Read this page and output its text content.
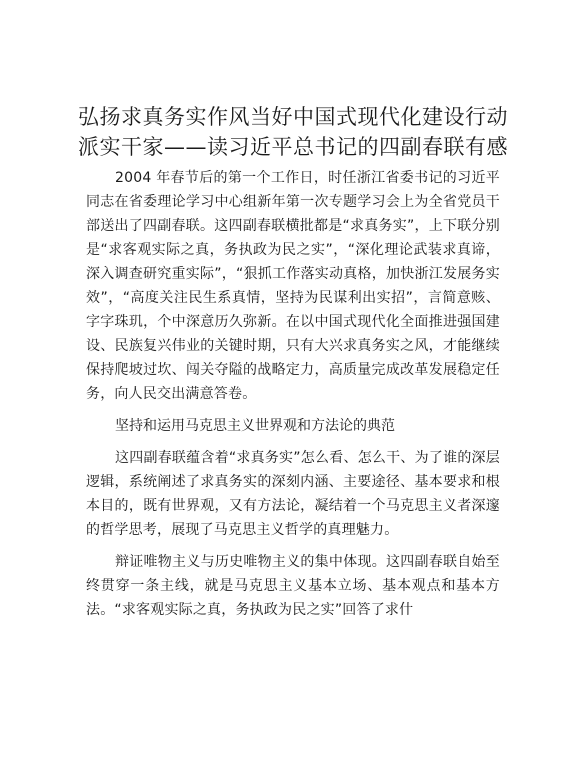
弘扬求真务实作风当好中国式现代化建设行动
派实干家——读习近平总书记的四副春联有感

2004 年春节后的第一个工作日，时任浙江省委书记的习近平同志在省委理论学习中心组新年第一次专题学习会上为全省党员干部送出了四副春联。这四副春联横批都是“求真务实”，上下联分别是“求客观实际之真，务执政为民之实”，“深化理论武装求真谛，深入调查研究重实际”，“狠抓工作落实动真格，加快浙江发展务实效”，“高度关注民生系真情，坚持为民谋利出实招”，言简意赅、字字珠玑，个中深意历久弥新。在以中国式现代化全面推进强国建设、民族复兴伟业的关键时期，只有大兴求真务实之风，才能继续保持爬坡过坎、闯关夺隘的战略定力，高质量完成改革发展稳定任务，向人民交出满意答卷。

坚持和运用马克思主义世界观和方法论的典范

这四副春联蕴含着“求真务实”怎么看、怎么干、为了谁的深层逻辑，系统阐述了求真务实的深刻内涵、主要途径、基本要求和根本目的，既有世界观，又有方法论，凝结着一个马克思主义者深邃的哲学思考，展现了马克思主义哲学的真理魅力。

辩证唯物主义与历史唯物主义的集中体现。这四副春联自始至终贯穿一条主线，就是马克思主义基本立场、基本观点和基本方法。“求客观实际之真，务执政为民之实”回答了求什
